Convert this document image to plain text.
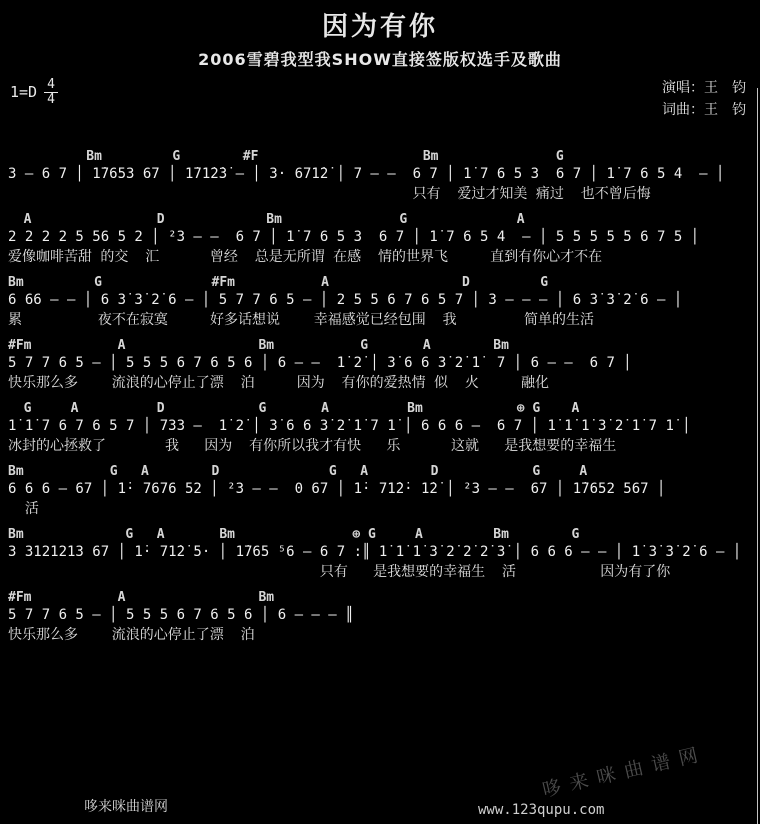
因为有你
2006雪碧我型我SHOW直接签版权选手及歌曲
1=D 4
4
演唱：王　钧
词曲：王　钧
Bm         G        #F                     Bm               G
3 — 6 7 │ 1̇7653 67 │ 1̇71̇2̇3̇ — │ 3· 671̇2̇ │ 7 — —  6 7 │ 1̇ 7 6 5 3  6 7 │ 1̇ 7 6 5 4  — │
只有  爱过才知美 痛过  也不曾后悔
A                D             Bm               G              A
2 2 2 2 5 56 5 2 │ ²3 — —  6 7 │ 1̇ 7 6 5 3  6 7 │ 1̇ 7 6 5 4  — │ 5 5 5 5 5 6 7 5 │
爱像咖啡苦甜 的交  汇      曾经  总是无所谓 在感  情的世界飞     直到有你心才不在
Bm         G              #Fm           A                 D         G
6 66 — — │ 6 3̇ 3̇ 2̇ 6 — │ 5 7 7 6 5 — │ 2 5 5 6 7 6 5 7 │ 3 — — — │ 6 3̇ 3̇ 2̇ 6 — │
累         夜不在寂寞     好多话想说    幸福感觉已经包围  我        简单的生活
#Fm           A                 Bm           G       A        Bm
5 7 7 6 5 — │ 5 5 5 6 7 6 5 6 │ 6 — —  1̇ 2̇ │ 3̇ 6 6 3̇ 2̇ 1̇  7 │ 6 — —  6 7 │
快乐那么多    流浪的心停止了漂  泊     因为  有你的爱热情 似  火     融化
G     A          D            G       A          Bm            ⊕ G    A
1̇ 1̇ 7 6 7 6 5 7 │ 733 —  1̇ 2̇ │ 3̇ 6 6 3̇ 2̇ 1̇ 7 1̇ │ 6 6 6 —  6 7 │ 1̇ 1̇ 1̇ 3̇ 2̇ 1̇ 7 1̇ │
冰封的心拯救了       我   因为  有你所以我才有快   乐      这就   是我想要的幸福生
Bm           G   A        D              G   A        D            G     A
6 6 6 — 67 │ 1̇· 7676 52 │ ²3 — —  0 67 │ 1̇· 71̇2̇· 1̇2̇ │ ²3 — —  67 │ 1̇7652 567 │
活
Bm             G   A       Bm               ⊕ G     A         Bm        G
3 3121213 67 │ 1̇· 71̇2̇ 5· │ 1̇765 ⁵6 — 6 7 :║ 1̇ 1̇ 1̇ 3̇ 2̇ 2̇ 2̇ 3̇ │ 6 6 6 — — │ 1̇ 3̇ 3̇ 2̇ 6 — │
只有   是我想要的幸福生  活          因为有了你
#Fm           A                 Bm
5 7 7 6 5 — │ 5 5 5 6 7 6 5 6 │ 6 — — — ║
快乐那么多    流浪的心停止了漂  泊
哆来咪曲谱网
哆来咪曲谱网	www.123qupu.com
